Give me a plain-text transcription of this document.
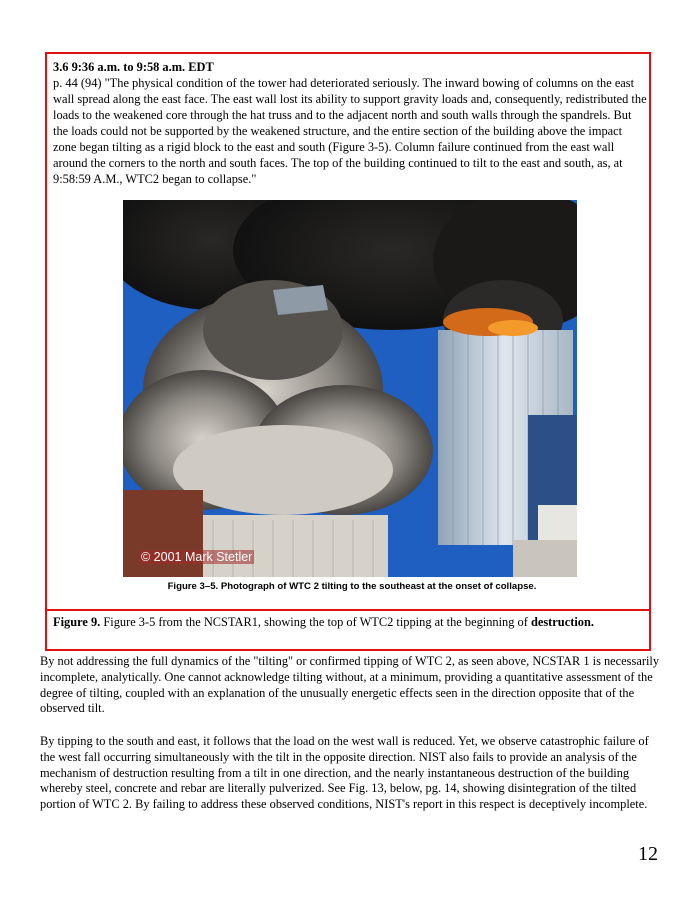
3.6 9:36 a.m. to 9:58 a.m. EDT
p. 44 (94) "The physical condition of the tower had deteriorated seriously. The inward bowing of columns on the east wall spread along the east face. The east wall lost its ability to support gravity loads and, consequently, redistributed the loads to the weakened core through the hat truss and to the adjacent north and south walls through the spandrels. But the loads could not be supported by the weakened structure, and the entire section of the building above the impact zone began tilting as a rigid block to the east and south (Figure 3-5). Column failure continued from the east wall around the corners to the north and south faces. The top of the building continued to tilt to the east and south, as, at 9:58:59 A.M., WTC2 began to collapse."
© 2001 Mark Stetler
Figure 3–5. Photograph of WTC 2 tilting to the southeast at the onset of collapse.
Figure 9. Figure 3-5 from the NCSTAR1, showing the top of WTC2 tipping at the beginning of destruction.
By not addressing the full dynamics of the "tilting" or confirmed tipping of WTC 2, as seen above, NCSTAR 1 is necessarily incomplete, analytically. One cannot acknowledge tilting without, at a minimum, providing a quantitative assessment of the degree of tilting, coupled with an explanation of the unusually energetic effects seen in the direction opposite that of the observed tilt.
By tipping to the south and east, it follows that the load on the west wall is reduced. Yet, we observe catastrophic failure of the west fall occurring simultaneously with the tilt in the opposite direction. NIST also fails to provide an analysis of the mechanism of destruction resulting from a tilt in one direction, and the nearly instantaneous destruction of the building whereby steel, concrete and rebar are literally pulverized. See Fig. 13, below, pg. 14, showing disintegration of the tilted portion of WTC 2. By failing to address these observed conditions, NIST's report in this respect is deceptively incomplete.
12
